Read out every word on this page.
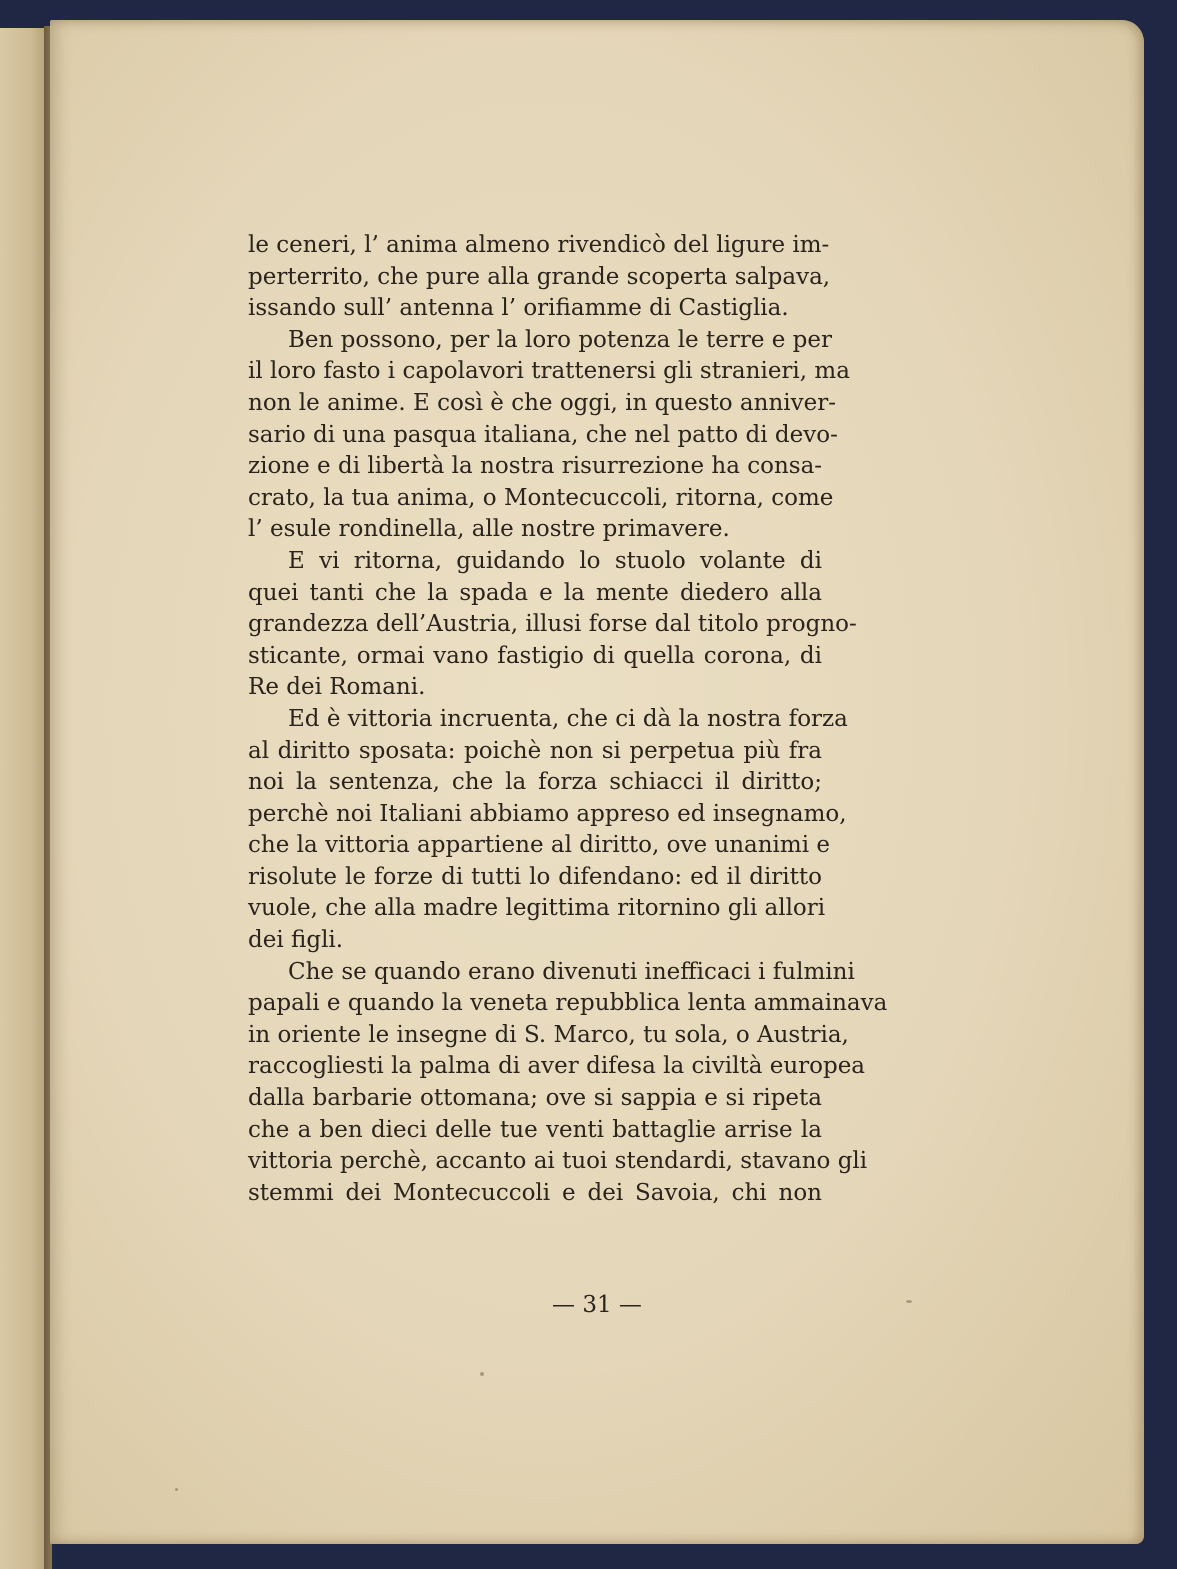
le ceneri, l’ anima almeno rivendicò del ligure im-
perterrito, che pure alla grande scoperta salpava,
issando sull’ antenna l’ orifiamme di Castiglia.
Ben possono, per la loro potenza le terre e per
il loro fasto i capolavori trattenersi gli stranieri, ma
non le anime. E così è che oggi, in questo anniver-
sario di una pasqua italiana, che nel patto di devo-
zione e di libertà la nostra risurrezione ha consa-
crato, la tua anima, o Montecuccoli, ritorna, come
l’ esule rondinella, alle nostre primavere.
E vi ritorna, guidando lo stuolo volante di
quei tanti che la spada e la mente diedero alla
grandezza dell’Austria, illusi forse dal titolo progno-
sticante, ormai vano fastigio di quella corona, di
Re dei Romani.
Ed è vittoria incruenta, che ci dà la nostra forza
al diritto sposata: poichè non si perpetua più fra
noi la sentenza, che la forza schiacci il diritto;
perchè noi Italiani abbiamo appreso ed insegnamo,
che la vittoria appartiene al diritto, ove unanimi e
risolute le forze di tutti lo difendano: ed il diritto
vuole, che alla madre legittima ritornino gli allori
dei figli.
Che se quando erano divenuti inefficaci i fulmini
papali e quando la veneta repubblica lenta ammainava
in oriente le insegne di S. Marco, tu sola, o Austria,
raccogliesti la palma di aver difesa la civiltà europea
dalla barbarie ottomana; ove si sappia e si ripeta
che a ben dieci delle tue venti battaglie arrise la
vittoria perchè, accanto ai tuoi stendardi, stavano gli
stemmi dei Montecuccoli e dei Savoia, chi non
— 31 —
